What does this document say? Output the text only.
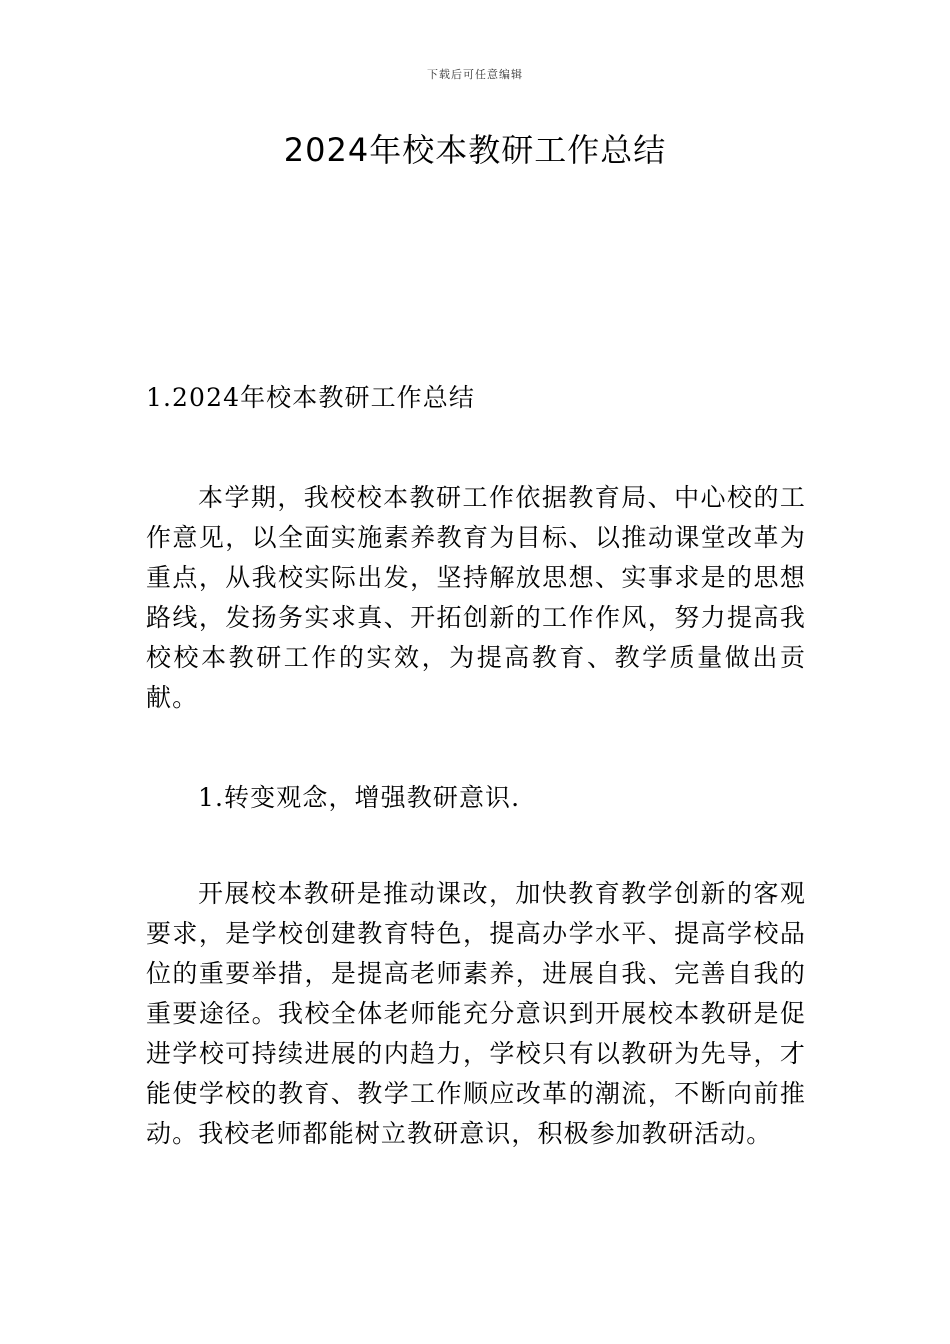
下载后可任意编辑
2024年校本教研工作总结

1.2024年校本教研工作总结

本学期，我校校本教研工作依据教育局、中心校的工作意见，以全面实施素养教育为目标、以推动课堂改革为重点，从我校实际出发，坚持解放思想、实事求是的思想路线，发扬务实求真、开拓创新的工作作风，努力提高我校校本教研工作的实效，为提高教育、教学质量做出贡献。

1.转变观念，增强教研意识.

开展校本教研是推动课改，加快教育教学创新的客观要求，是学校创建教育特色，提高办学水平、提高学校品位的重要举措，是提高老师素养，进展自我、完善自我的重要途径。我校全体老师能充分意识到开展校本教研是促进学校可持续进展的内趋力，学校只有以教研为先导，才能使学校的教育、教学工作顺应改革的潮流，不断向前推动。我校老师都能树立教研意识，积极参加教研活动。
